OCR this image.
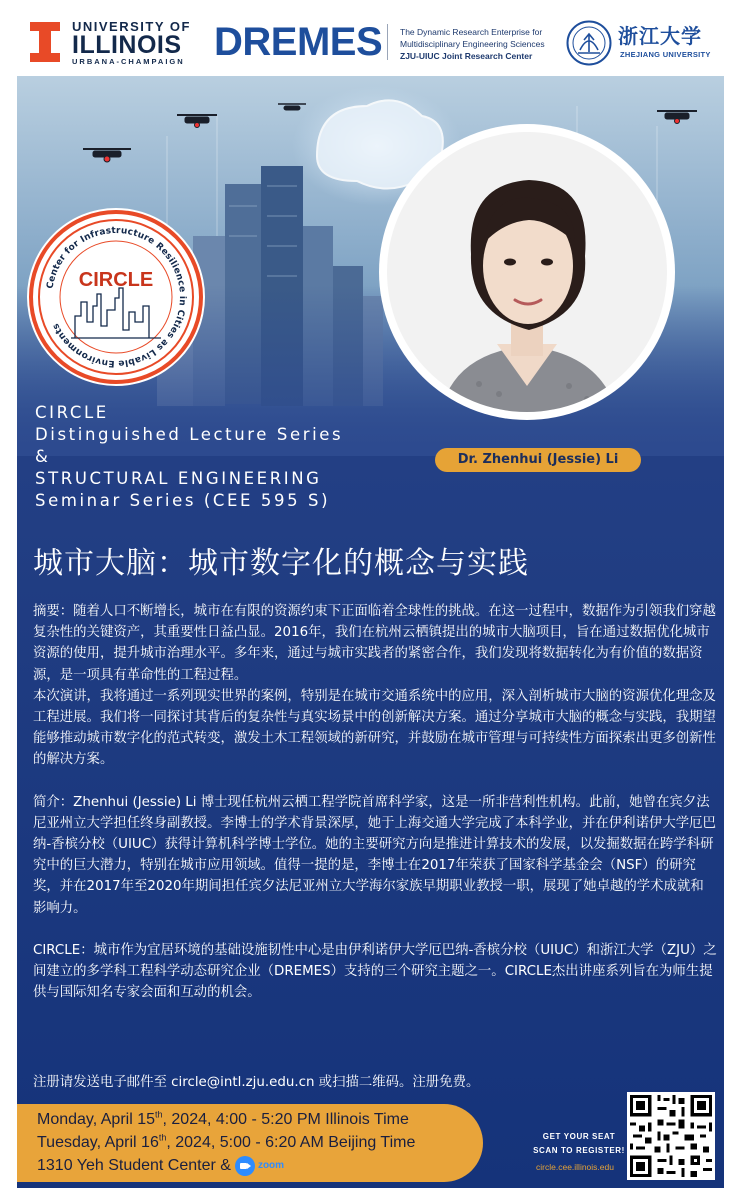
UNIVERSITY OF
ILLINOIS
URBANA-CHAMPAIGN DREMES The Dynamic Research Enterprise for
Multidisciplinary Engineering Sciences
ZJU-UIUC Joint Research Center
浙江大学
ZHEJIANG UNIVERSITY
Center for Infrastructure Resilience in Cities as Livable Environments
CIRCLE
CIRCLE
Distinguished Lecture Series
&
STRUCTURAL ENGINEERING
Seminar Series (CEE 595 S)
Dr. Zhenhui (Jessie) Li
城市大脑：城市数字化的概念与实践

摘要：随着人口不断增长，城市在有限的资源约束下正面临着全球性的挑战。在这一过程中，数据作为引领我们穿越复杂性的关键资产，其重要性日益凸显。2016年，我们在杭州云栖镇提出的城市大脑项目，旨在通过数据优化城市资源的使用，提升城市治理水平。多年来，通过与城市实践者的紧密合作，我们发现将数据转化为有价值的数据资源，是一项具有革命性的工程过程。

本次演讲，我将通过一系列现实世界的案例，特别是在城市交通系统中的应用，深入剖析城市大脑的资源优化理念及工程进展。我们将一同探讨其背后的复杂性与真实场景中的创新解决方案。通过分享城市大脑的概念与实践，我期望能够推动城市数字化的范式转变，激发土木工程领域的新研究，并鼓励在城市管理与可持续性方面探索出更多创新性的解决方案。

简介：Zhenhui (Jessie) Li 博士现任杭州云栖工程学院首席科学家，这是一所非营利性机构。此前，她曾在宾夕法尼亚州立大学担任终身副教授。李博士的学术背景深厚，她于上海交通大学完成了本科学业，并在伊利诺伊大学厄巴纳-香槟分校（UIUC）获得计算机科学博士学位。她的主要研究方向是推进计算技术的发展，以发掘数据在跨学科研究中的巨大潜力，特别在城市应用领域。值得一提的是，李博士在2017年荣获了国家科学基金会（NSF）的研究奖，并在2017年至2020年期间担任宾夕法尼亚州立大学海尔家族早期职业教授一职，展现了她卓越的学术成就和影响力。

CIRCLE：城市作为宜居环境的基础设施韧性中心是由伊利诺伊大学厄巴纳-香槟分校（UIUC）和浙江大学（ZJU）之间建立的多学科工程科学动态研究企业（DREMES）支持的三个研究主题之一。CIRCLE杰出讲座系列旨在为师生提供与国际知名专家会面和互动的机会。

注册请发送电子邮件至 circle@intl.zju.edu.cn 或扫描二维码。注册免费。
Monday, April 15th, 2024, 4:00 - 5:20 PM Illinois Time
Tuesday, April 16th, 2024, 5:00 - 6:20 AM Beijing Time
1310 Yeh Student Center &	zoom
GET YOUR SEAT
SCAN TO REGISTER!
circle.cee.illinois.edu
